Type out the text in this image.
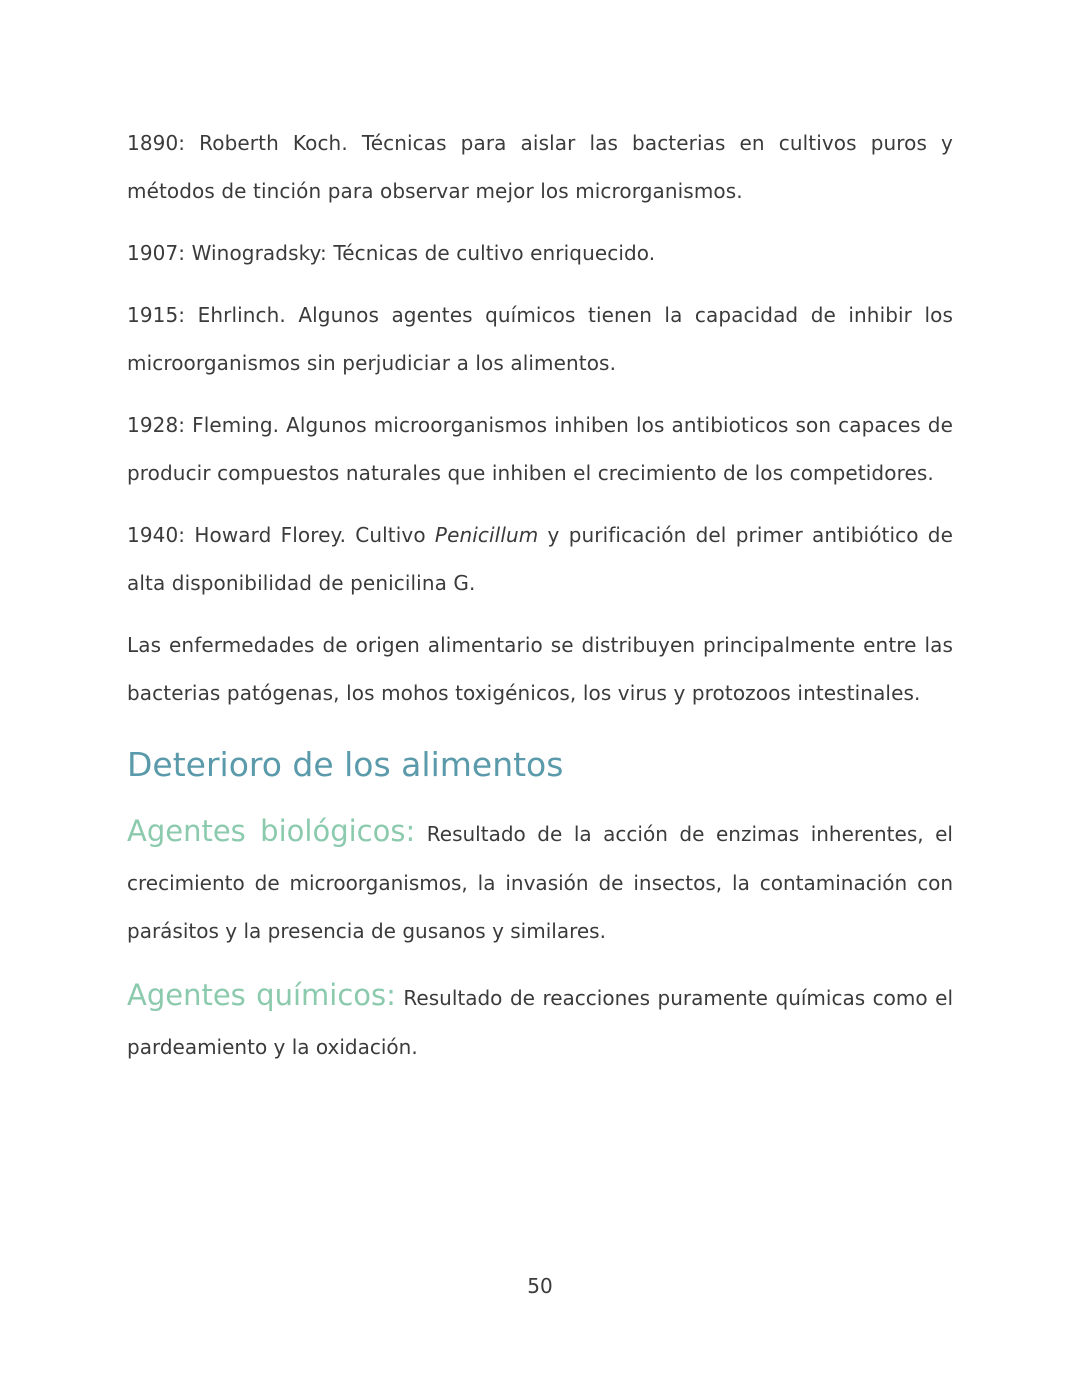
1890: Roberth Koch. Técnicas para aislar las bacterias en cultivos puros y métodos de tinción para observar mejor los microrganismos.

1907: Winogradsky: Técnicas de cultivo enriquecido.

1915: Ehrlinch. Algunos agentes químicos tienen la capacidad de inhibir los microorganismos sin perjudiciar a los alimentos.

1928: Fleming. Algunos microorganismos inhiben los antibioticos son capaces de producir compuestos naturales que inhiben el crecimiento de los competidores.

1940: Howard Florey. Cultivo Penicillum y purificación del primer antibiótico de alta disponibilidad de penicilina G.

Las enfermedades de origen alimentario se distribuyen principalmente entre las bacterias patógenas, los mohos toxigénicos, los virus y protozoos intestinales.

Deterioro de los alimentos

Agentes biológicos: Resultado de la acción de enzimas inherentes, el crecimiento de microorganismos, la invasión de insectos, la contaminación con parásitos y la presencia de gusanos y similares.

Agentes químicos: Resultado de reacciones puramente químicas como el pardeamiento y la oxidación.

50
